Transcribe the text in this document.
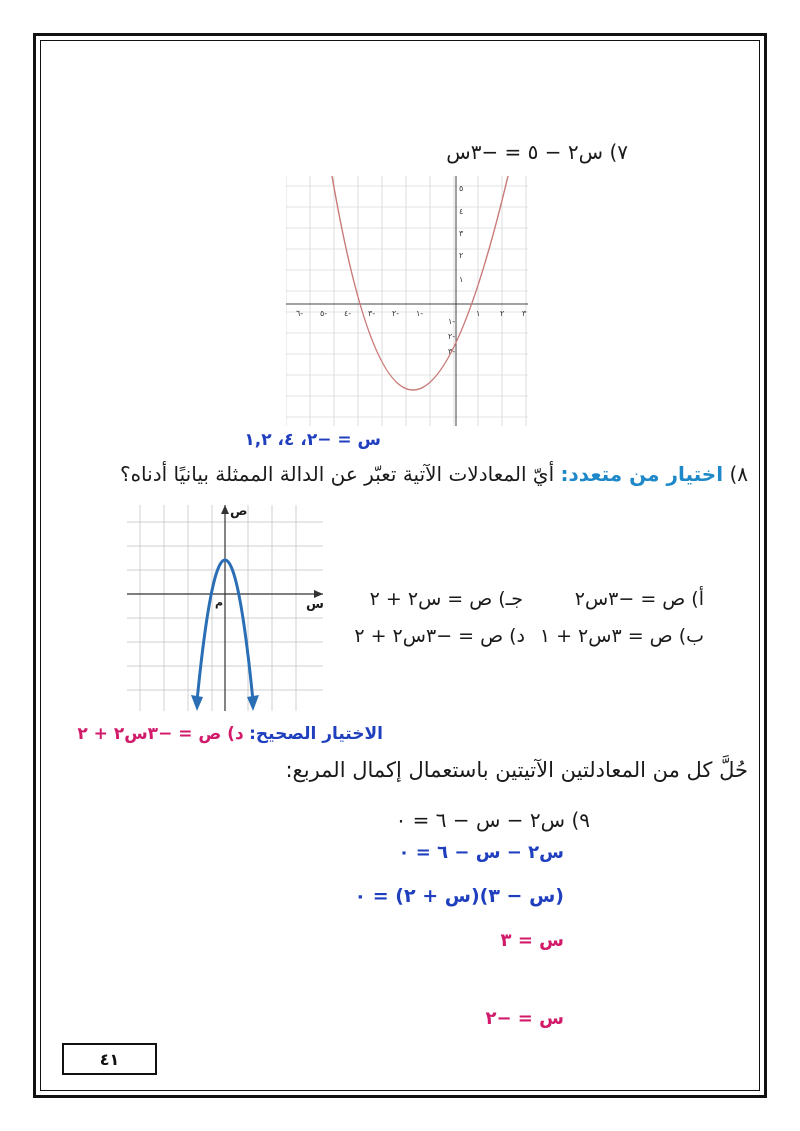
٧) س٢ − ٥ = −٣س
٦- ٥- ٤- ٣- ٢- ١-	١ ٢ ٣
٥
٤
٣
٢
١
١-
٢-
٣-
س = −٢، ٤، ١,٢
٨) اختيار من متعدد: أيّ المعادلات الآتية تعبّر عن الدالة الممثلة بيانيًا أدناه؟
ص
س
م	أ) ص = −٣س٢
جـ) ص = س٢ + ٢
ب) ص = ٣س٢ + ١
د) ص = −٣س٢ + ٢
الاختيار الصحيح: د) ص = −٣س٢ + ٢
حُلَّ كل من المعادلتين الآتيتين باستعمال إكمال المربع:
٩) س٢ − س − ٦ = ٠
س٢ − س − ٦ = ٠
(س − ٣)(س + ٢) = ٠
س = ٣
س = −٢
٤١
